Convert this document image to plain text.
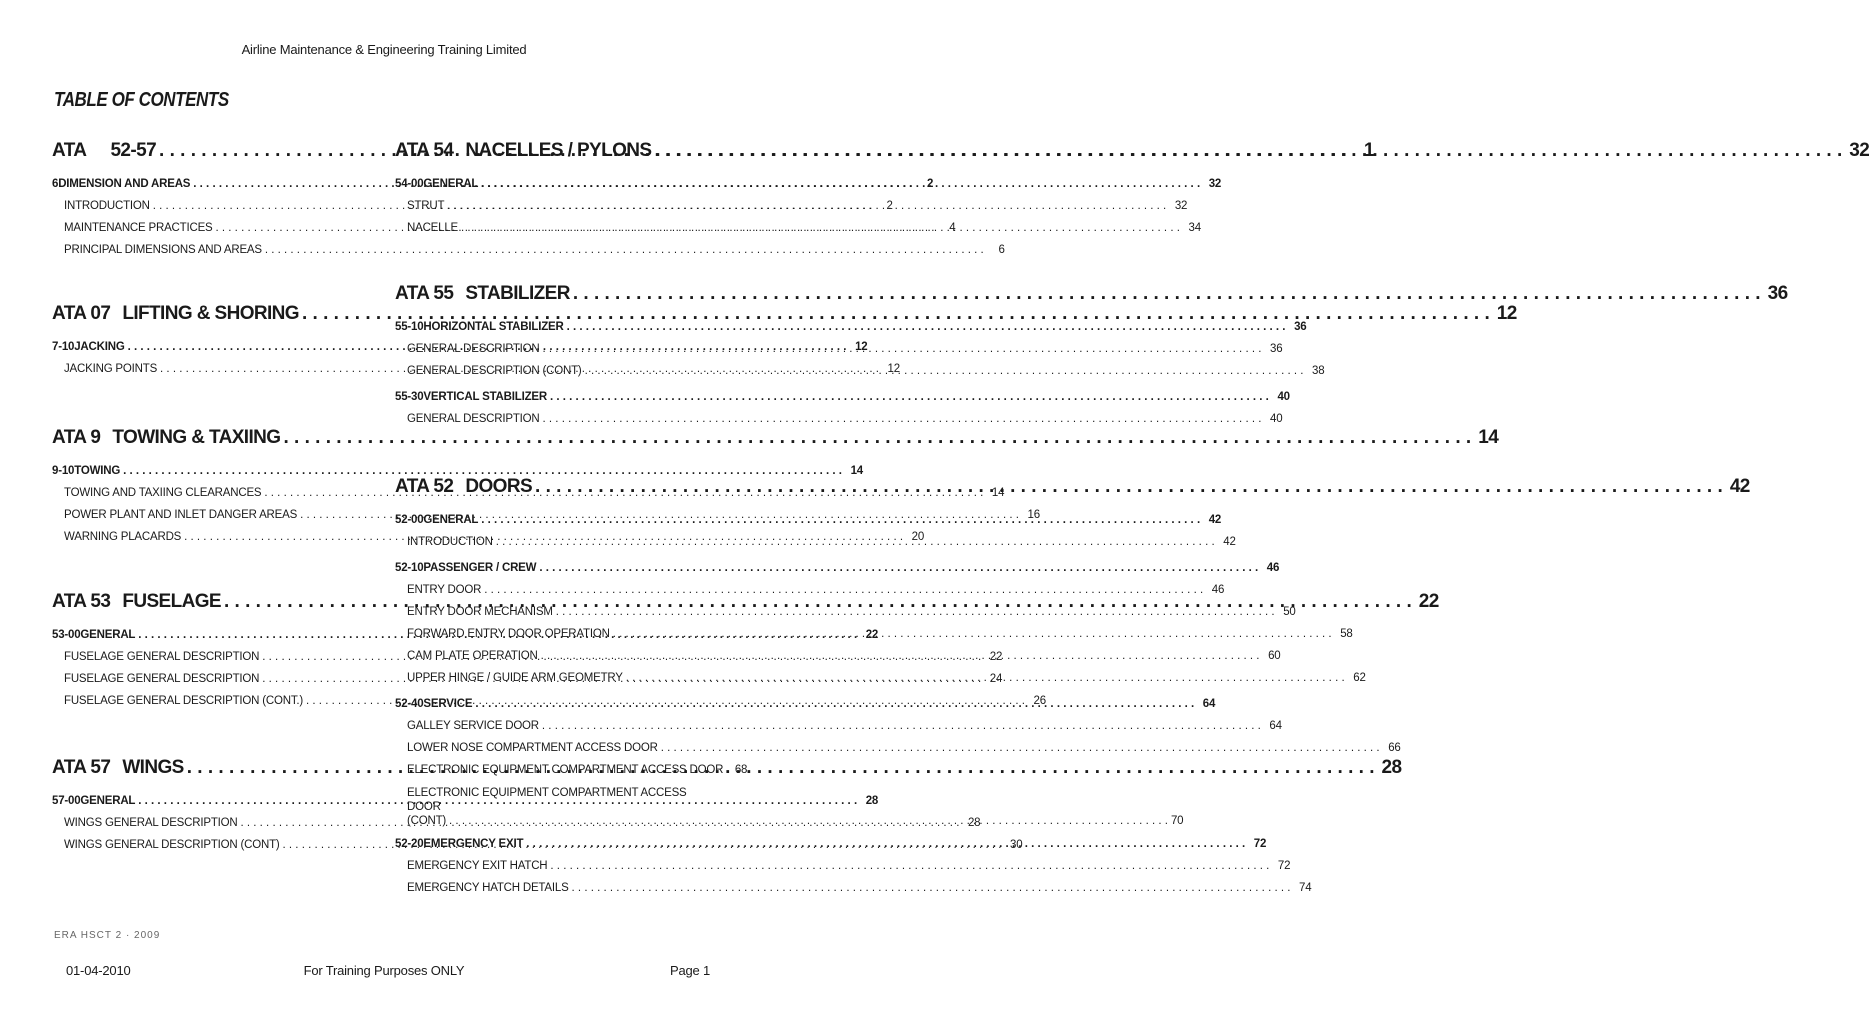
Airline Maintenance & Engineering Training Limited
TABLE OF CONTENTS
ATA 52-57 . . .	1
6 DIMENSION AND AREAS . . .	2
INTRODUCTION . . .	2
MAINTENANCE PRACTICES . . .	4
PRINCIPAL DIMENSIONS AND AREAS . . .	6
ATA 07 LIFTING & SHORING . . .	12
7-10 JACKING . . .	12
JACKING POINTS . . .	12
ATA 9 TOWING & TAXIING . . .	14
9-10 TOWING . . .	14
TOWING AND TAXIING CLEARANCES . . .	14
POWER PLANT AND INLET DANGER AREAS . . .	16
WARNING PLACARDS . . .	20
ATA 53 FUSELAGE . . .	22
53-00 GENERAL . . .	22
FUSELAGE GENERAL DESCRIPTION . . .	22
FUSELAGE GENERAL DESCRIPTION . . .	24
FUSELAGE GENERAL DESCRIPTION (CONT.) . . .	26
ATA 57 WINGS . . .	28
57-00 GENERAL . . .	28
WINGS GENERAL DESCRIPTION . . .	28
WINGS GENERAL DESCRIPTION (CONT) . . .	30
ATA 54 NACELLES / PYLONS . . .	32
54-00 GENERAL . . .	32
STRUT . . .	32
NACELLE . . .	34
ATA 55 STABILIZER . . .	36
55-10 HORIZONTAL STABILIZER . . .	36
GENERAL DESCRIPTION . . .	36
GENERAL DESCRIPTION (CONT) . . .	38
55-30 VERTICAL STABILIZER . . .	40
GENERAL DESCRIPTION . . .	40
ATA 52 DOORS . . .	42
52-00 GENERAL . . .	42
INTRODUCTION . . .	42
52-10 PASSENGER / CREW . . .	46
ENTRY DOOR . . .	46
ENTRY DOOR MECHANISM . . .	50
FORWARD ENTRY DOOR OPERATION . . .	58
CAM PLATE OPERATION . . .	60
UPPER HINGE / GUIDE ARM GEOMETRY . . .	62
52-40 SERVICE . . .	64
GALLEY SERVICE DOOR . . .	64
LOWER NOSE COMPARTMENT ACCESS DOOR . . .	66
ELECTRONIC EQUIPMENT COMPARTMENT ACCESS DOOR	68
ELECTRONIC EQUIPMENT COMPARTMENT ACCESS DOOR
(CONT) . . .	70
52-20 EMERGENCY EXIT . . .	72
EMERGENCY EXIT HATCH . . .	72
EMERGENCY HATCH DETAILS . . .	74
ERA HSCT 2 · 2009
01-04-2010	For Training Purposes ONLY	Page 1
